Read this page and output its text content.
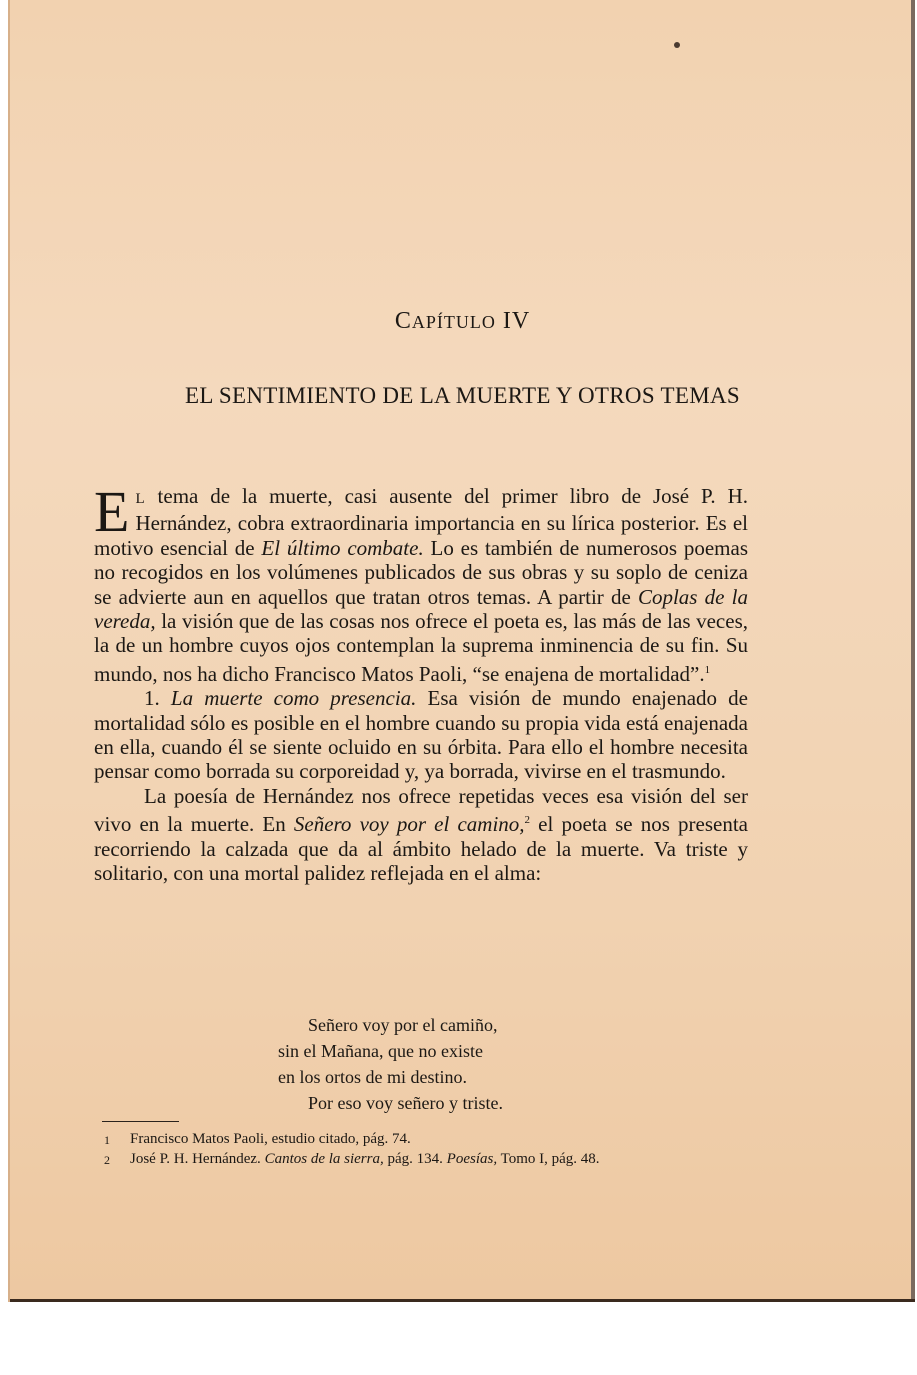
CAPÍTULO IV
EL SENTIMIENTO DE LA MUERTE Y OTROS TEMAS

E L tema de la muerte, casi ausente del primer libro de José P. H. Hernández, cobra extraordinaria importancia en su lírica posterior. Es el motivo esencial de El último combate. Lo es también de numerosos poemas no recogidos en los volúmenes publicados de sus obras y su soplo de ceniza se advierte aun en aquellos que tratan otros temas. A partir de Coplas de la vereda, la visión que de las cosas nos ofrece el poeta es, las más de las veces, la de un hombre cuyos ojos contemplan la suprema inminencia de su fin. Su mundo, nos ha dicho Francisco Matos Paoli, “se enajena de mortalidad”.$^1$

1. La muerte como presencia. Esa visión de mundo enajenado de mortalidad sólo es posible en el hombre cuando su propia vida está enajenada en ella, cuando él se siente ocluido en su órbita. Para ello el hombre necesita pensar como borrada su corporeidad y, ya borrada, vivirse en el trasmundo.

La poesía de Hernández nos ofrece repetidas veces esa visión del ser vivo en la muerte. En Señero voy por el camino,$^2$ el poeta se nos presenta recorriendo la calzada que da al ámbito helado de la muerte. Va triste y solitario, con una mortal palidez reflejada en el alma:

Señero voy por el camiño,
sin el Mañana, que no existe
en los ortos de mi destino.
Por eso voy señero y triste.
1 Francisco Matos Paoli, estudio citado, pág. 74.
2 José P. H. Hernández. Cantos de la sierra, pág. 134. Poesías, Tomo I, pág. 48.
